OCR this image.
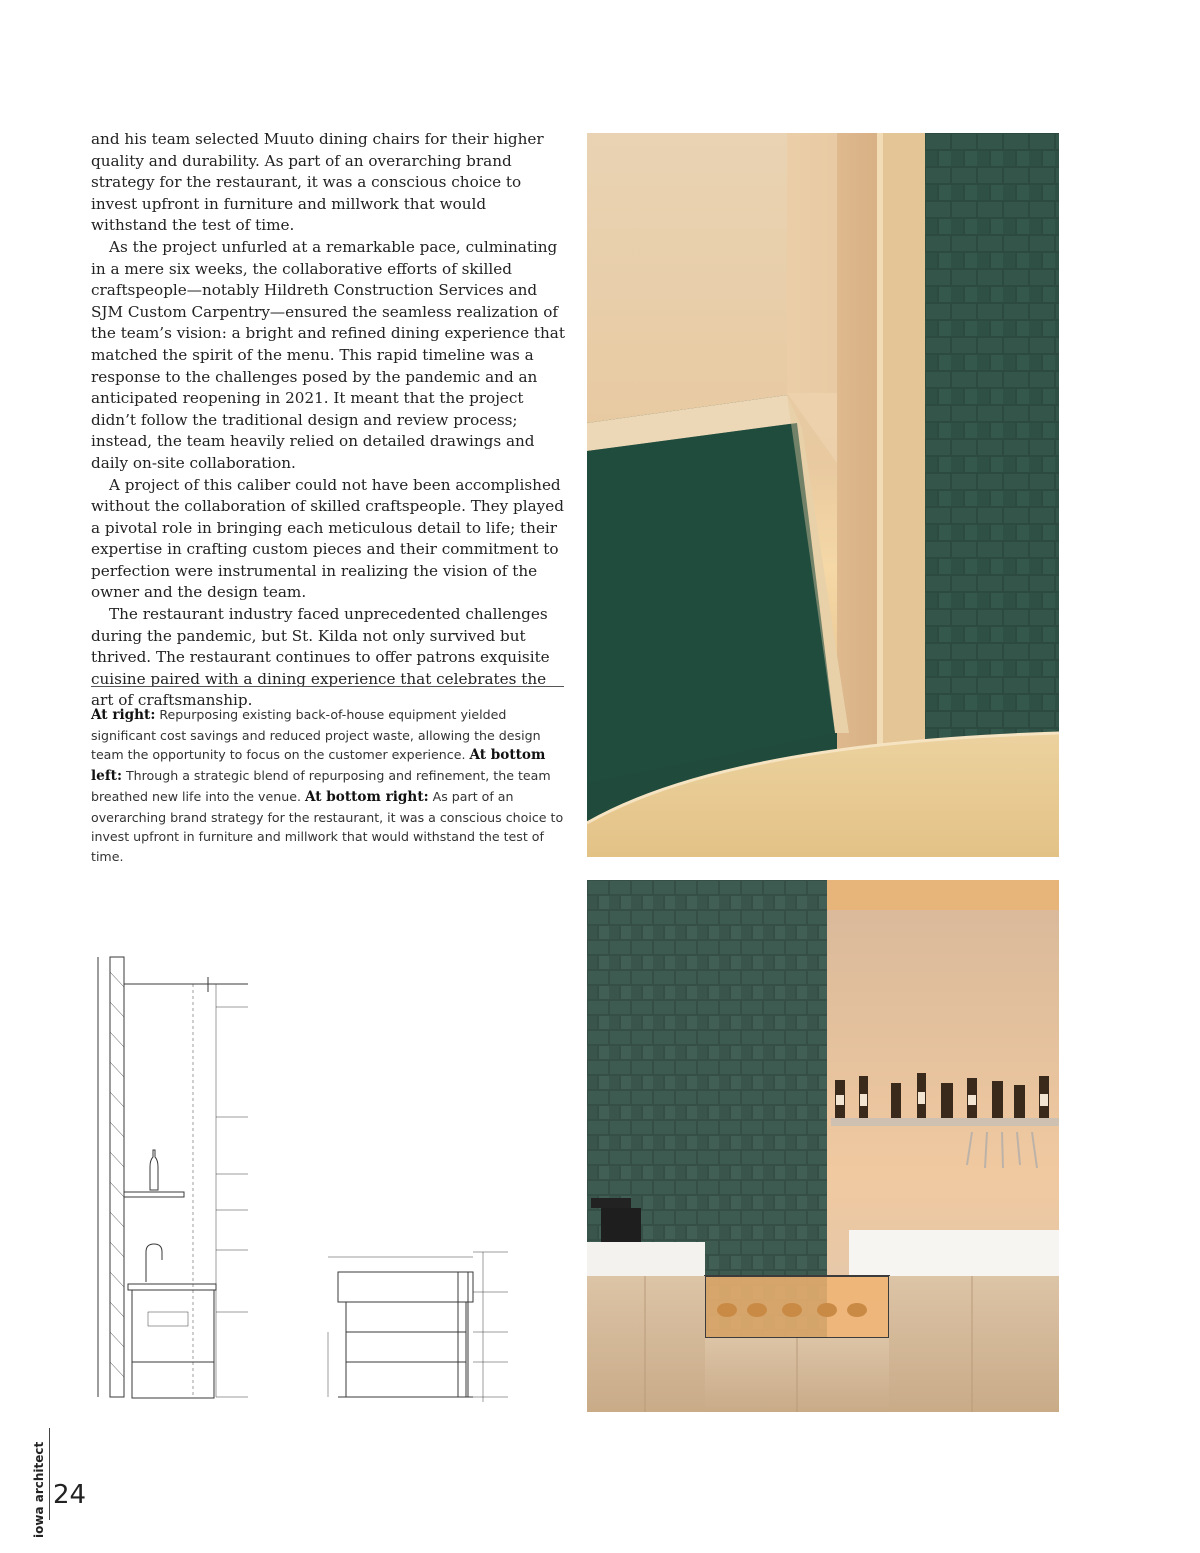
and his team selected Muuto dining chairs for their higher quality and durability. As part of an overarching brand strategy for the restaurant, it was a conscious choice to invest upfront in furniture and millwork that would withstand the test of time.

As the project unfurled at a remarkable pace, culminating in a mere six weeks, the collaborative efforts of skilled craftspeople—notably Hildreth Construction Services and SJM Custom Carpentry—ensured the seamless realization of the team’s vision: a bright and refined dining experience that matched the spirit of the menu. This rapid timeline was a response to the challenges posed by the pandemic and an anticipated reopening in 2021. It meant that the project didn’t follow the traditional design and review process; instead, the team heavily relied on detailed drawings and daily on-site collaboration.

A project of this caliber could not have been accomplished without the collaboration of skilled craftspeople. They played a pivotal role in bringing each meticulous detail to life; their expertise in crafting custom pieces and their commitment to perfection were instrumental in realizing the vision of the owner and the design team.

The restaurant industry faced unprecedented challenges during the pandemic, but St. Kilda not only survived but thrived. The restaurant continues to offer patrons exquisite cuisine paired with a dining experience that celebrates the art of craftsmanship.

At right: Repurposing existing back-of-house equipment yielded significant cost savings and reduced project waste, allowing the design team the opportunity to focus on the customer experience. At bottom left: Through a strategic blend of repurposing and refinement, the team breathed new life into the venue. At bottom right: As part of an overarching brand strategy for the restaurant, it was a conscious choice to invest upfront in furniture and millwork that would withstand the test of time.
iowa architect 24
